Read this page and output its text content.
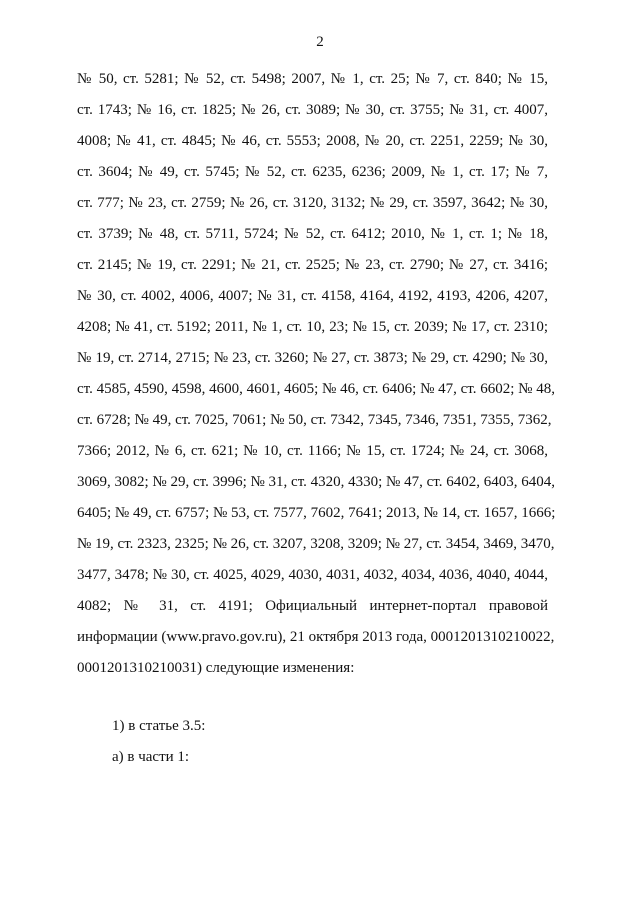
2
№ 50, ст. 5281; № 52, ст. 5498; 2007, № 1, ст. 25; № 7, ст. 840; № 15,
ст. 1743; № 16, ст. 1825; № 26, ст. 3089; № 30, ст. 3755; № 31, ст. 4007,
4008; № 41, ст. 4845; № 46, ст. 5553; 2008, № 20, ст. 2251, 2259; № 30,
ст. 3604; № 49, ст. 5745; № 52, ст. 6235, 6236; 2009, № 1, ст. 17; № 7,
ст. 777; № 23, ст. 2759; № 26, ст. 3120, 3132; № 29, ст. 3597, 3642; № 30,
ст. 3739; № 48, ст. 5711, 5724; № 52, ст. 6412; 2010, № 1, ст. 1; № 18,
ст. 2145; № 19, ст. 2291; № 21, ст. 2525; № 23, ст. 2790; № 27, ст. 3416;
№ 30, ст. 4002, 4006, 4007; № 31, ст. 4158, 4164, 4192, 4193, 4206, 4207,
4208; № 41, ст. 5192; 2011, № 1, ст. 10, 23; № 15, ст. 2039; № 17, ст. 2310;
№ 19, ст. 2714, 2715; № 23, ст. 3260; № 27, ст. 3873; № 29, ст. 4290; № 30,
ст. 4585, 4590, 4598, 4600, 4601, 4605; № 46, ст. 6406; № 47, ст. 6602; № 48,
ст. 6728; № 49, ст. 7025, 7061; № 50, ст. 7342, 7345, 7346, 7351, 7355, 7362,
7366; 2012, № 6, ст. 621; № 10, ст. 1166; № 15, ст. 1724; № 24, ст. 3068,
3069, 3082; № 29, ст. 3996; № 31, ст. 4320, 4330; № 47, ст. 6402, 6403, 6404,
6405; № 49, ст. 6757; № 53, ст. 7577, 7602, 7641; 2013, № 14, ст. 1657, 1666;
№ 19, ст. 2323, 2325; № 26, ст. 3207, 3208, 3209; № 27, ст. 3454, 3469, 3470,
3477, 3478; № 30, ст. 4025, 4029, 4030, 4031, 4032, 4034, 4036, 4040, 4044,
4082; № 31, ст. 4191; Официальный интернет-портал правовой
информации (www.pravo.gov.ru), 21 октября 2013 года, 0001201310210022,
0001201310210031) следующие изменения:
1) в статье 3.5:
а) в части 1:
